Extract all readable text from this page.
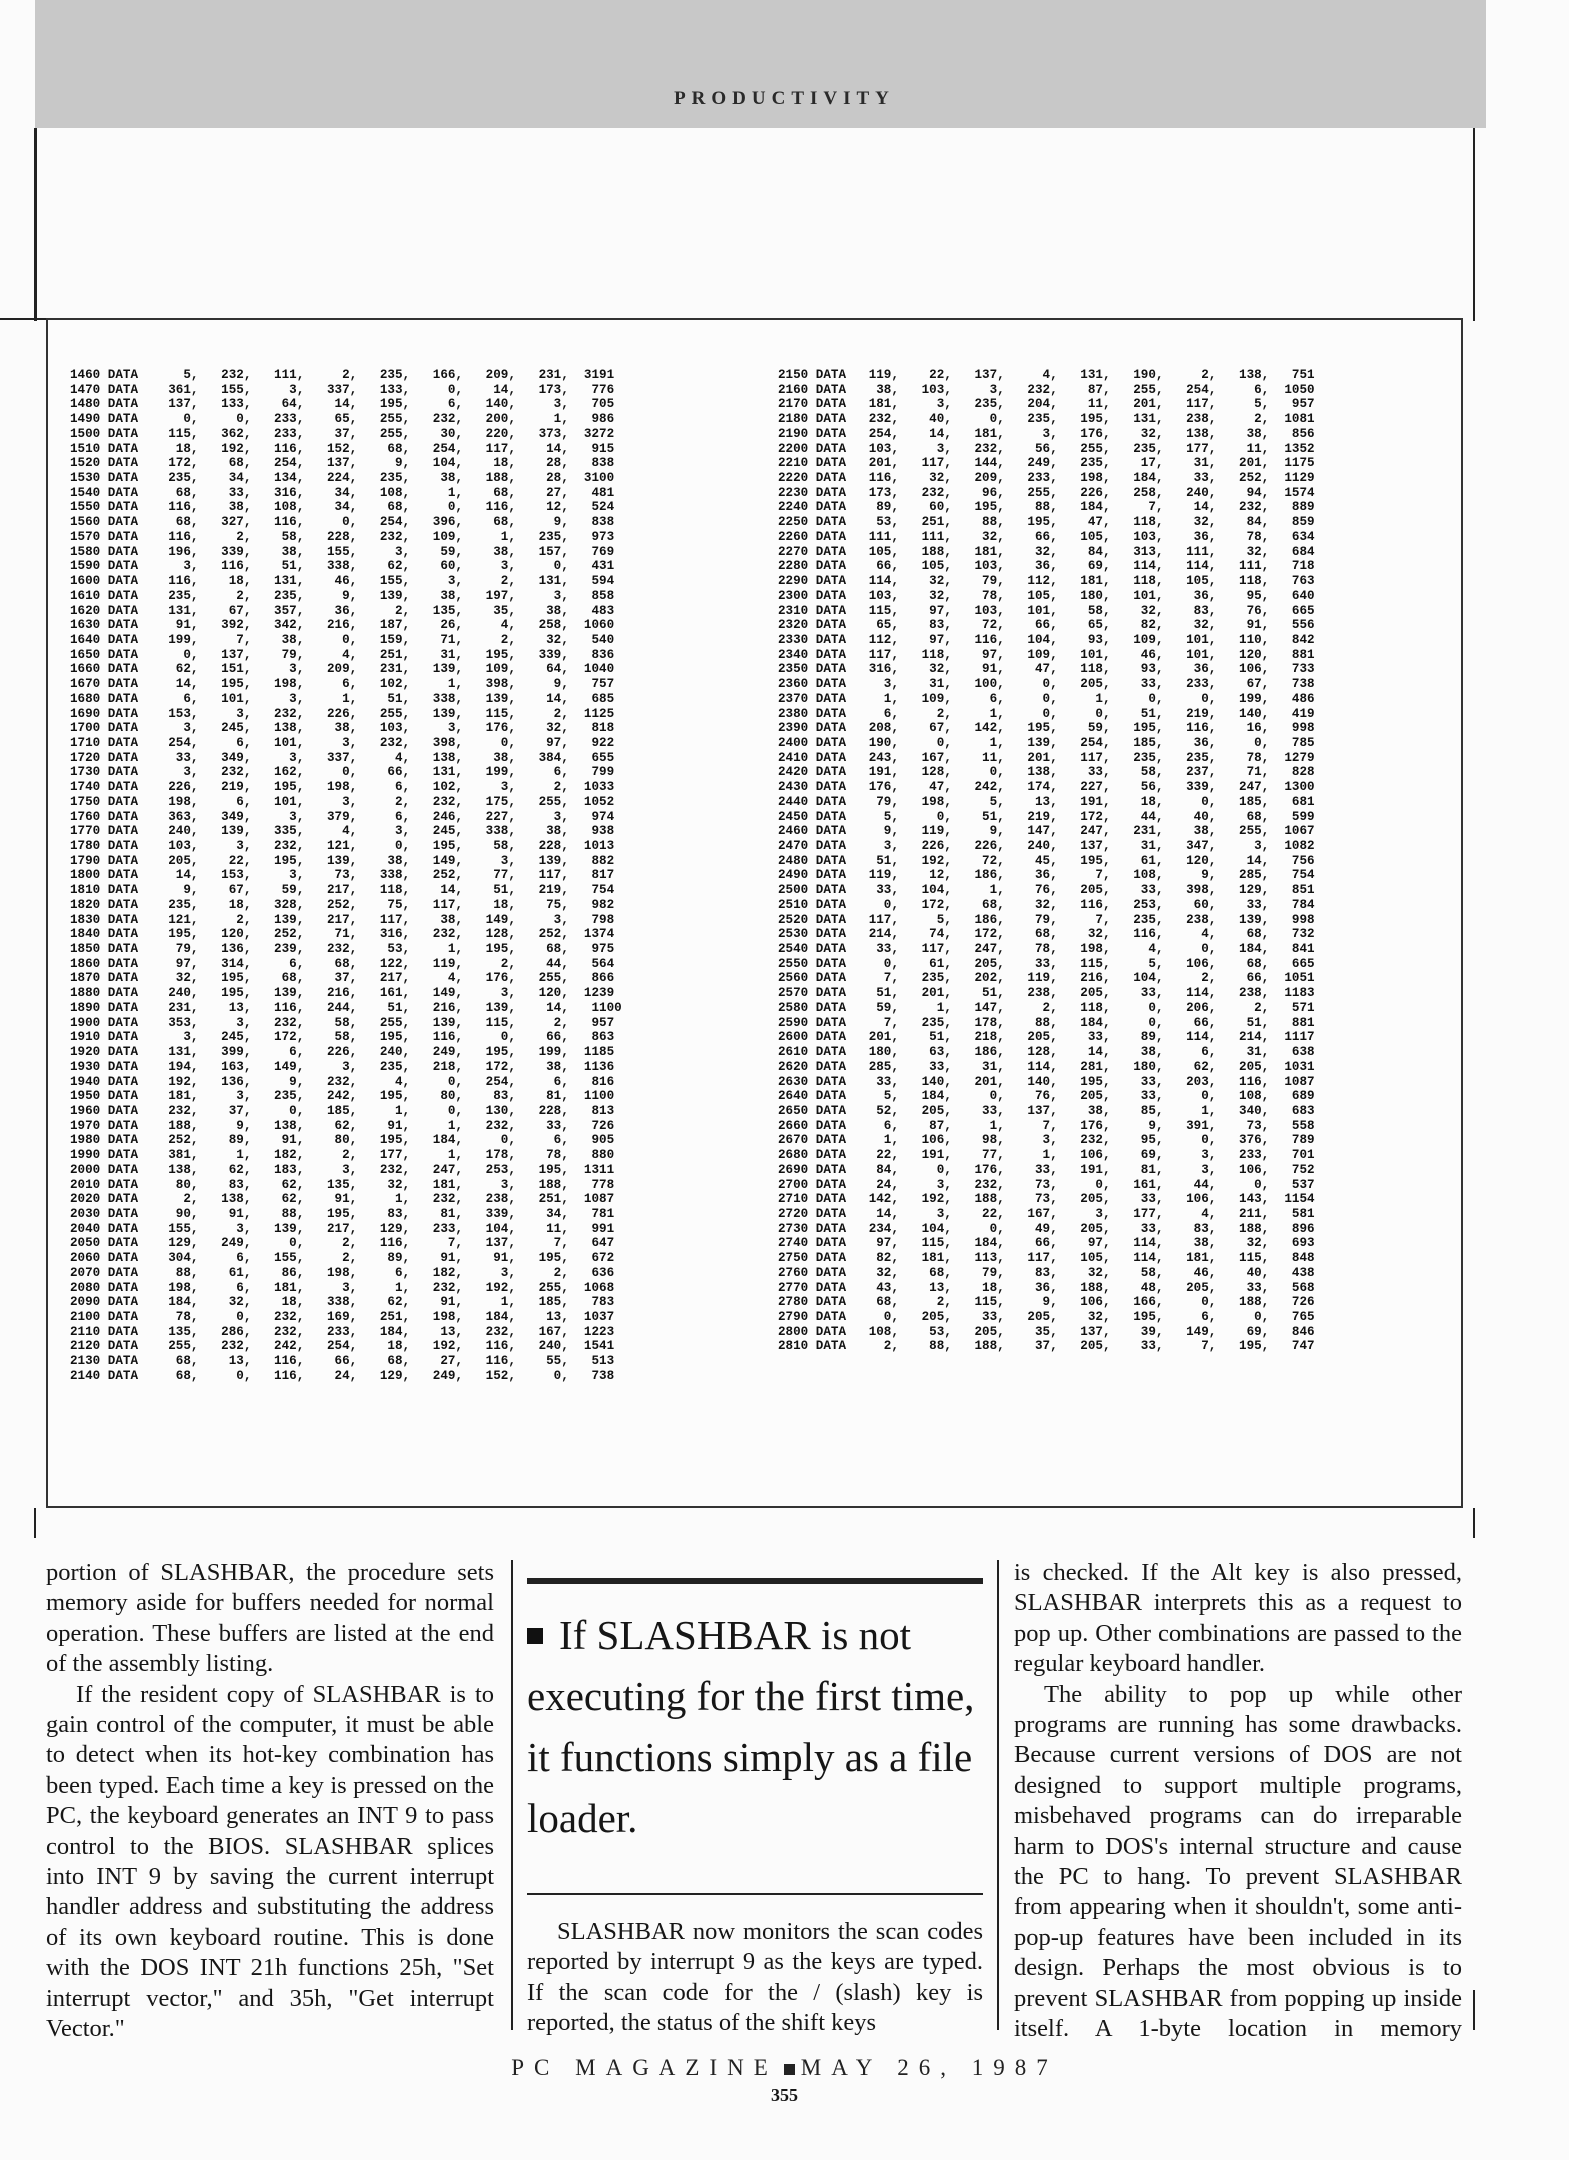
PRODUCTIVITY
1460 DATA      5,   232,   111,     2,   235,   166,   209,   231,  3191
1470 DATA    361,   155,     3,   337,   133,     0,    14,   173,   776
1480 DATA    137,   133,    64,    14,   195,     6,   140,     3,   705
1490 DATA      0,     0,   233,    65,   255,   232,   200,     1,   986
1500 DATA    115,   362,   233,    37,   255,    30,   220,   373,  3272
1510 DATA     18,   192,   116,   152,    68,   254,   117,    14,   915
1520 DATA    172,    68,   254,   137,     9,   104,    18,    28,   838
1530 DATA    235,    34,   134,   224,   235,    38,   188,    28,  3100
1540 DATA     68,    33,   316,    34,   108,     1,    68,    27,   481
1550 DATA    116,    38,   108,    34,    68,     0,   116,    12,   524
1560 DATA     68,   327,   116,     0,   254,   396,    68,     9,   838
1570 DATA    116,     2,    58,   228,   232,   109,     1,   235,   973
1580 DATA    196,   339,    38,   155,     3,    59,    38,   157,   769
1590 DATA      3,   116,    51,   338,    62,    60,     3,     0,   431
1600 DATA    116,    18,   131,    46,   155,     3,     2,   131,   594
1610 DATA    235,     2,   235,     9,   139,    38,   197,     3,   858
1620 DATA    131,    67,   357,    36,     2,   135,    35,    38,   483
1630 DATA     91,   392,   342,   216,   187,    26,     4,   258,  1060
1640 DATA    199,     7,    38,     0,   159,    71,     2,    32,   540
1650 DATA      0,   137,    79,     4,   251,    31,   195,   339,   836
1660 DATA     62,   151,     3,   209,   231,   139,   109,    64,  1040
1670 DATA     14,   195,   198,     6,   102,     1,   398,     9,   757
1680 DATA      6,   101,     3,     1,    51,   338,   139,    14,   685
1690 DATA    153,     3,   232,   226,   255,   139,   115,     2,  1125
1700 DATA      3,   245,   138,    38,   103,     3,   176,    32,   818
1710 DATA    254,     6,   101,     3,   232,   398,     0,    97,   922
1720 DATA     33,   349,     3,   337,     4,   138,    38,   384,   655
1730 DATA      3,   232,   162,     0,    66,   131,   199,     6,   799
1740 DATA    226,   219,   195,   198,     6,   102,     3,     2,  1033
1750 DATA    198,     6,   101,     3,     2,   232,   175,   255,  1052
1760 DATA    363,   349,     3,   379,     6,   246,   227,     3,   974
1770 DATA    240,   139,   335,     4,     3,   245,   338,    38,   938
1780 DATA    103,     3,   232,   121,     0,   195,    58,   228,  1013
1790 DATA    205,    22,   195,   139,    38,   149,     3,   139,   882
1800 DATA     14,   153,     3,    73,   338,   252,    77,   117,   817
1810 DATA      9,    67,    59,   217,   118,    14,    51,   219,   754
1820 DATA    235,    18,   328,   252,    75,   117,    18,    75,   982
1830 DATA    121,     2,   139,   217,   117,    38,   149,     3,   798
1840 DATA    195,   120,   252,    71,   316,   232,   128,   252,  1374
1850 DATA     79,   136,   239,   232,    53,     1,   195,    68,   975
1860 DATA     97,   314,     6,    68,   122,   119,     2,    44,   564
1870 DATA     32,   195,    68,    37,   217,     4,   176,   255,   866
1880 DATA    240,   195,   139,   216,   161,   149,     3,   120,  1239
1890 DATA    231,    13,   116,   244,    51,   216,   139,    14,   1100
1900 DATA    353,     3,   232,    58,   255,   139,   115,     2,   957
1910 DATA      3,   245,   172,    58,   195,   116,     0,    66,   863
1920 DATA    131,   399,     6,   226,   240,   249,   195,   199,  1185
1930 DATA    194,   163,   149,     3,   235,   218,   172,    38,  1136
1940 DATA    192,   136,     9,   232,     4,     0,   254,     6,   816
1950 DATA    181,     3,   235,   242,   195,    80,    83,    81,  1100
1960 DATA    232,    37,     0,   185,     1,     0,   130,   228,   813
1970 DATA    188,     9,   138,    62,    91,     1,   232,    33,   726
1980 DATA    252,    89,    91,    80,   195,   184,     0,     6,   905
1990 DATA    381,     1,   182,     2,   177,     1,   178,    78,   880
2000 DATA    138,    62,   183,     3,   232,   247,   253,   195,  1311
2010 DATA     80,    83,    62,   135,    32,   181,     3,   188,   778
2020 DATA      2,   138,    62,    91,     1,   232,   238,   251,  1087
2030 DATA     90,    91,    88,   195,    83,    81,   339,    34,   781
2040 DATA    155,     3,   139,   217,   129,   233,   104,    11,   991
2050 DATA    129,   249,     0,     2,   116,     7,   137,     7,   647
2060 DATA    304,     6,   155,     2,    89,    91,    91,   195,   672
2070 DATA     88,    61,    86,   198,     6,   182,     3,     2,   636
2080 DATA    198,     6,   181,     3,     1,   232,   192,   255,  1068
2090 DATA    184,    32,    18,   338,    62,    91,     1,   185,   783
2100 DATA     78,     0,   232,   169,   251,   198,   184,    13,  1037
2110 DATA    135,   286,   232,   233,   184,    13,   232,   167,  1223
2120 DATA    255,   232,   242,   254,    18,   192,   116,   240,  1541
2130 DATA     68,    13,   116,    66,    68,    27,   116,    55,   513
2140 DATA     68,     0,   116,    24,   129,   249,   152,     0,   738
2150 DATA   119,    22,   137,     4,   131,   190,     2,   138,   751
2160 DATA    38,   103,     3,   232,    87,   255,   254,     6,  1050
2170 DATA   181,     3,   235,   204,    11,   201,   117,     5,   957
2180 DATA   232,    40,     0,   235,   195,   131,   238,     2,  1081
2190 DATA   254,    14,   181,     3,   176,    32,   138,    38,   856
2200 DATA   103,     3,   232,    56,   255,   235,   177,    11,  1352
2210 DATA   201,   117,   144,   249,   235,    17,    31,   201,  1175
2220 DATA   116,    32,   209,   233,   198,   184,    33,   252,  1129
2230 DATA   173,   232,    96,   255,   226,   258,   240,    94,  1574
2240 DATA    89,    60,   195,    88,   184,     7,    14,   232,   889
2250 DATA    53,   251,    88,   195,    47,   118,    32,    84,   859
2260 DATA   111,   111,    32,    66,   105,   103,    36,    78,   634
2270 DATA   105,   188,   181,    32,    84,   313,   111,    32,   684
2280 DATA    66,   105,   103,    36,    69,   114,   114,   111,   718
2290 DATA   114,    32,    79,   112,   181,   118,   105,   118,   763
2300 DATA   103,    32,    78,   105,   180,   101,    36,    95,   640
2310 DATA   115,    97,   103,   101,    58,    32,    83,    76,   665
2320 DATA    65,    83,    72,    66,    65,    82,    32,    91,   556
2330 DATA   112,    97,   116,   104,    93,   109,   101,   110,   842
2340 DATA   117,   118,    97,   109,   101,    46,   101,   120,   881
2350 DATA   316,    32,    91,    47,   118,    93,    36,   106,   733
2360 DATA     3,    31,   100,     0,   205,    33,   233,    67,   738
2370 DATA     1,   109,     6,     0,     1,     0,     0,   199,   486
2380 DATA     6,     2,     1,     0,     0,    51,   219,   140,   419
2390 DATA   208,    67,   142,   195,    59,   195,   116,    16,   998
2400 DATA   190,     0,     1,   139,   254,   185,    36,     0,   785
2410 DATA   243,   167,    11,   201,   117,   235,   235,    78,  1279
2420 DATA   191,   128,     0,   138,    33,    58,   237,    71,   828
2430 DATA   176,    47,   242,   174,   227,    56,   339,   247,  1300
2440 DATA    79,   198,     5,    13,   191,    18,     0,   185,   681
2450 DATA     5,     0,    51,   219,   172,    44,    40,    68,   599
2460 DATA     9,   119,     9,   147,   247,   231,    38,   255,  1067
2470 DATA     3,   226,   226,   240,   137,    31,   347,     3,  1082
2480 DATA    51,   192,    72,    45,   195,    61,   120,    14,   756
2490 DATA   119,    12,   186,    36,     7,   108,     9,   285,   754
2500 DATA    33,   104,     1,    76,   205,    33,   398,   129,   851
2510 DATA     0,   172,    68,    32,   116,   253,    60,    33,   784
2520 DATA   117,     5,   186,    79,     7,   235,   238,   139,   998
2530 DATA   214,    74,   172,    68,    32,   116,     4,    68,   732
2540 DATA    33,   117,   247,    78,   198,     4,     0,   184,   841
2550 DATA     0,    61,   205,    33,   115,     5,   106,    68,   665
2560 DATA     7,   235,   202,   119,   216,   104,     2,    66,  1051
2570 DATA    51,   201,    51,   238,   205,    33,   114,   238,  1183
2580 DATA    59,     1,   147,     2,   118,     0,   206,     2,   571
2590 DATA     7,   235,   178,    88,   184,     0,    66,    51,   881
2600 DATA   201,    51,   218,   205,    33,    89,   114,   214,  1117
2610 DATA   180,    63,   186,   128,    14,    38,     6,    31,   638
2620 DATA   285,    33,    31,   114,   281,   180,    62,   205,  1031
2630 DATA    33,   140,   201,   140,   195,    33,   203,   116,  1087
2640 DATA     5,   184,     0,    76,   205,    33,     0,   108,   689
2650 DATA    52,   205,    33,   137,    38,    85,     1,   340,   683
2660 DATA     6,    87,     1,     7,   176,     9,   391,    73,   558
2670 DATA     1,   106,    98,     3,   232,    95,     0,   376,   789
2680 DATA    22,   191,    77,     1,   106,    69,     3,   233,   701
2690 DATA    84,     0,   176,    33,   191,    81,     3,   106,   752
2700 DATA    24,     3,   232,    73,     0,   161,    44,     0,   537
2710 DATA   142,   192,   188,    73,   205,    33,   106,   143,  1154
2720 DATA    14,     3,    22,   167,     3,   177,     4,   211,   581
2730 DATA   234,   104,     0,    49,   205,    33,    83,   188,   896
2740 DATA    97,   115,   184,    66,    97,   114,    38,    32,   693
2750 DATA    82,   181,   113,   117,   105,   114,   181,   115,   848
2760 DATA    32,    68,    79,    83,    32,    58,    46,    40,   438
2770 DATA    43,    13,    18,    36,   188,    48,   205,    33,   568
2780 DATA    68,     2,   115,     9,   106,   166,     0,   188,   726
2790 DATA     0,   205,    33,   205,    32,   195,     6,     0,   765
2800 DATA   108,    53,   205,    35,   137,    39,   149,    69,   846
2810 DATA     2,    88,   188,    37,   205,    33,     7,   195,   747

portion of SLASHBAR, the procedure sets memory aside for buffers needed for normal operation. These buffers are listed at the end of the assembly listing.

If the resident copy of SLASHBAR is to gain control of the computer, it must be able to detect when its hot-key combination has been typed. Each time a key is pressed on the PC, the keyboard generates an INT 9 to pass control to the BIOS. SLASHBAR splices into INT 9 by saving the current interrupt handler address and substituting the address of its own keyboard routine. This is done with the DOS INT 21h functions 25h, "Set interrupt vector," and 35h, "Get interrupt Vector."

If SLASHBAR is not executing for the first time, it functions simply as a file loader.

SLASHBAR now monitors the scan codes reported by interrupt 9 as the keys are typed. If the scan code for the / (slash) key is reported, the status of the shift keys

is checked. If the Alt key is also pressed, SLASHBAR interprets this as a request to pop up. Other combinations are passed to the regular keyboard handler.

The ability to pop up while other programs are running has some drawbacks. Because current versions of DOS are not designed to support multiple programs, misbehaved programs can do irreparable harm to DOS's internal structure and cause the PC to hang. To prevent SLASHBAR from appearing when it shouldn't, some anti-pop-up features have been included in its design. Perhaps the most obvious is to prevent SLASHBAR from popping up inside itself. A 1-byte location in memory

PC MAGAZINE MAY 26, 1987
355
